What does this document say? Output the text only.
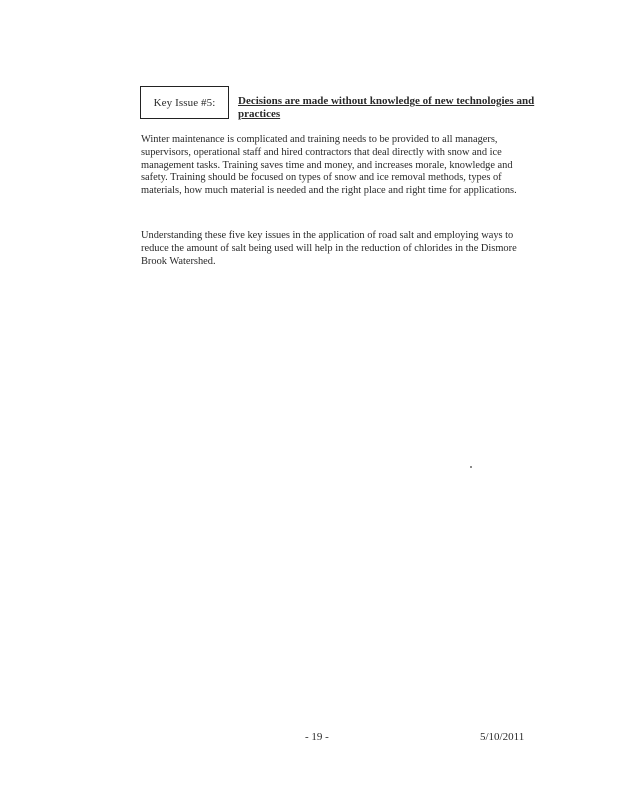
Key Issue #5: Decisions are made without knowledge of new technologies and practices
Winter maintenance is complicated and training needs to be provided to all managers, supervisors, operational staff and hired contractors that deal directly with snow and ice management tasks. Training saves time and money, and increases morale, knowledge and safety. Training should be focused on types of snow and ice removal methods, types of materials, how much material is needed and the right place and right time for applications.
Understanding these five key issues in the application of road salt and employing ways to reduce the amount of salt being used will help in the reduction of chlorides in the Dismore Brook Watershed.
- 19 -	5/10/2011
